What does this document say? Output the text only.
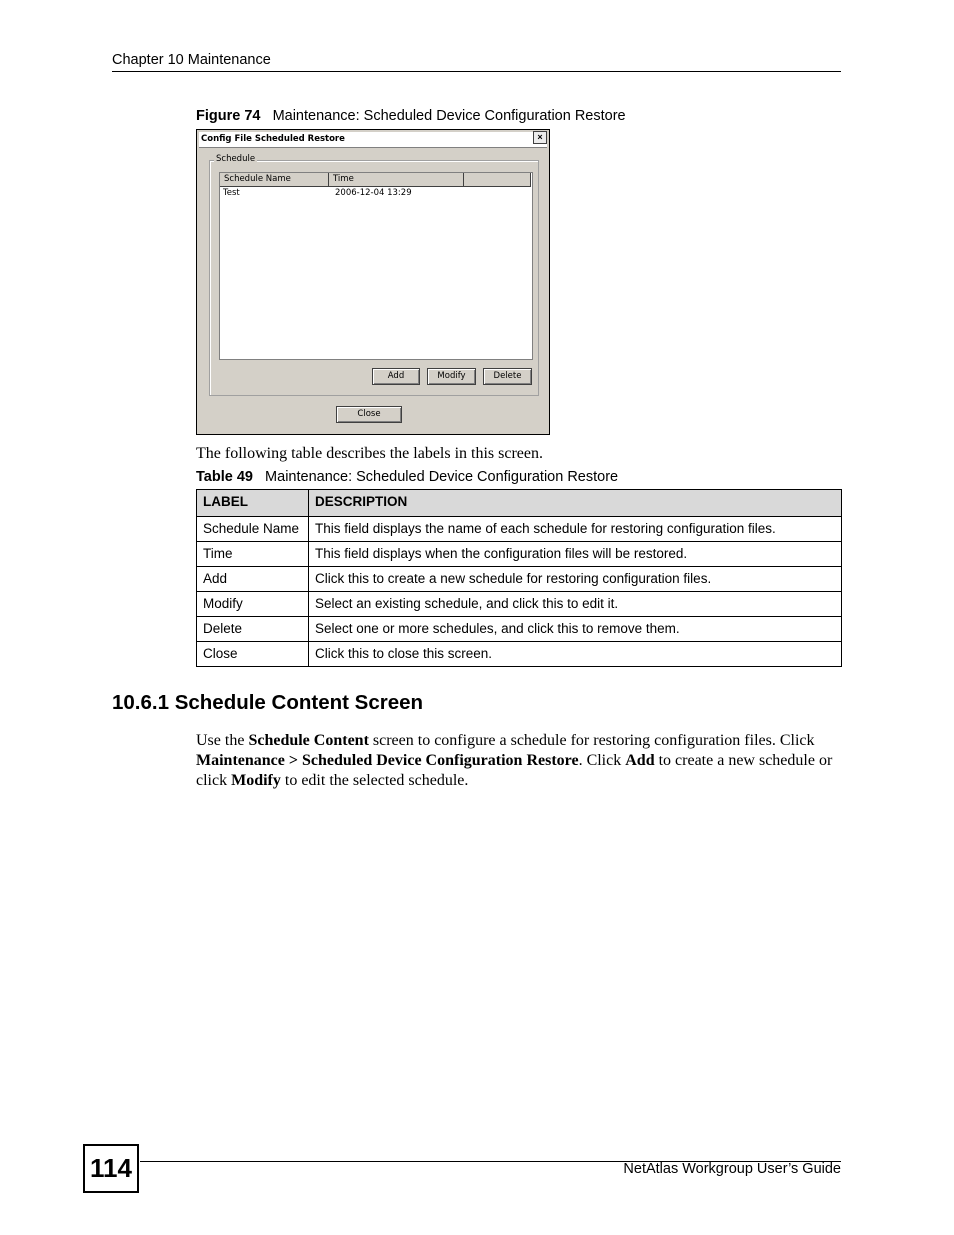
Chapter 10 Maintenance
Figure 74 Maintenance: Scheduled Device Configuration Restore
Config File Scheduled Restore	×
Schedule
Schedule Name	Time
Test	2006-12-04 13:29
Add	Modify	Delete
Close
The following table describes the labels in this screen.
Table 49 Maintenance: Scheduled Device Configuration Restore
LABEL	DESCRIPTION
Schedule Name	This field displays the name of each schedule for restoring configuration files.
Time	This field displays when the configuration files will be restored.
Add	Click this to create a new schedule for restoring configuration files.
Modify	Select an existing schedule, and click this to edit it.
Delete	Select one or more schedules, and click this to remove them.
Close	Click this to close this screen.
10.6.1 Schedule Content Screen
Use the Schedule Content screen to configure a schedule for restoring configuration files. Click Maintenance > Scheduled Device Configuration Restore. Click Add to create a new schedule or click Modify to edit the selected schedule.
114	NetAtlas Workgroup User’s Guide
